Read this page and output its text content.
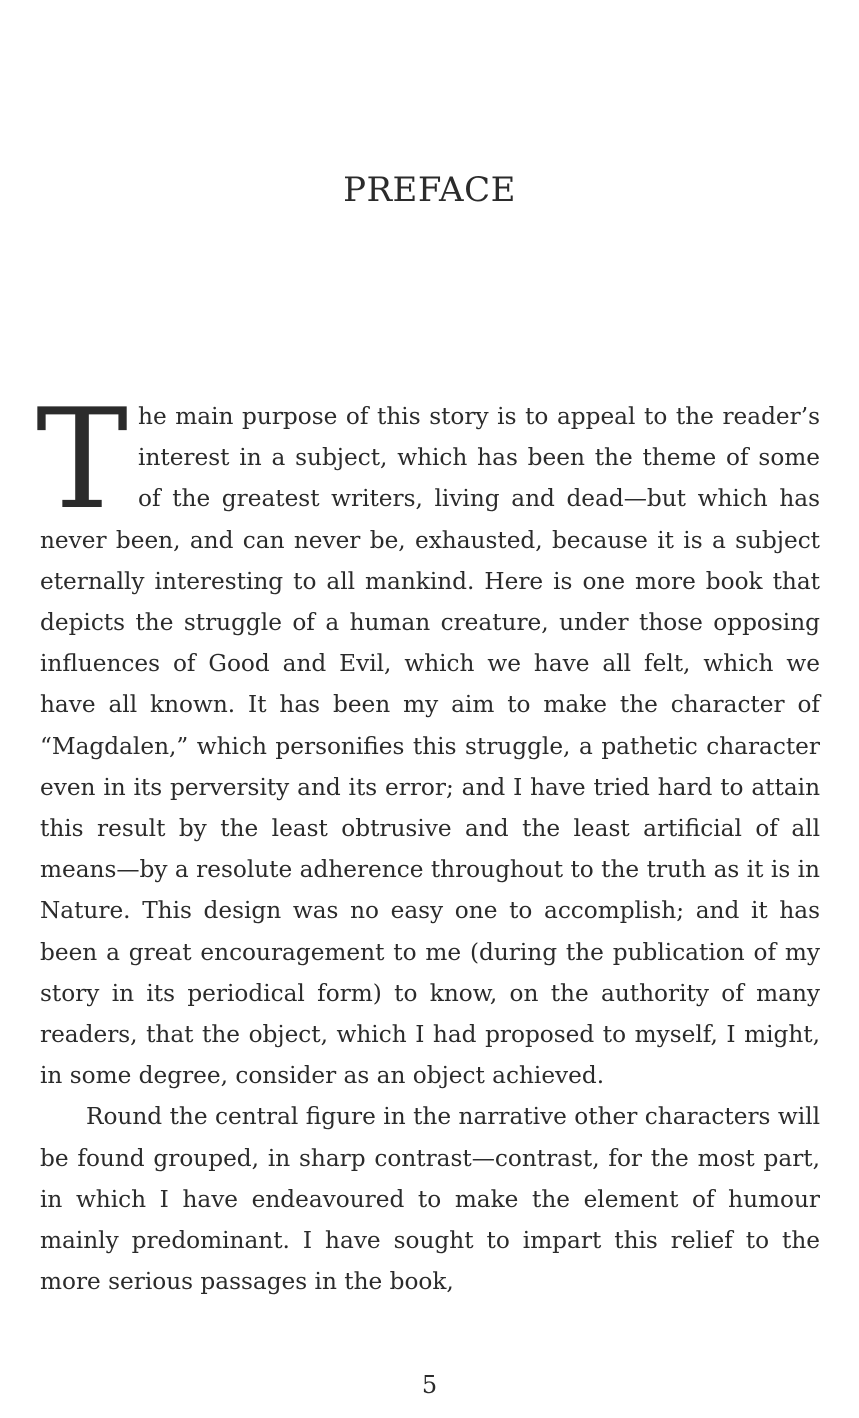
PREFACE

The main purpose of this story is to appeal to the reader’s interest in a subject, which has been the theme of some of the greatest writers, living and dead—but which has never been, and can never be, exhausted, because it is a subject eternally interesting to all mankind. Here is one more book that depicts the struggle of a human creature, under those opposing influences of Good and Evil, which we have all felt, which we have all known. It has been my aim to make the character of “Magdalen,” which personifies this struggle, a pathetic character even in its perversity and its error; and I have tried hard to attain this result by the least obtrusive and the least artificial of all means—by a resolute adherence throughout to the truth as it is in Nature. This design was no easy one to accomplish; and it has been a great encouragement to me (during the publication of my story in its periodical form) to know, on the authority of many readers, that the object, which I had proposed to myself, I might, in some degree, consider as an object achieved.

Round the central figure in the narrative other characters will be found grouped, in sharp contrast—contrast, for the most part, in which I have endeavoured to make the element of humour mainly predominant. I have sought to impart this relief to the more serious passages in the book,

5
